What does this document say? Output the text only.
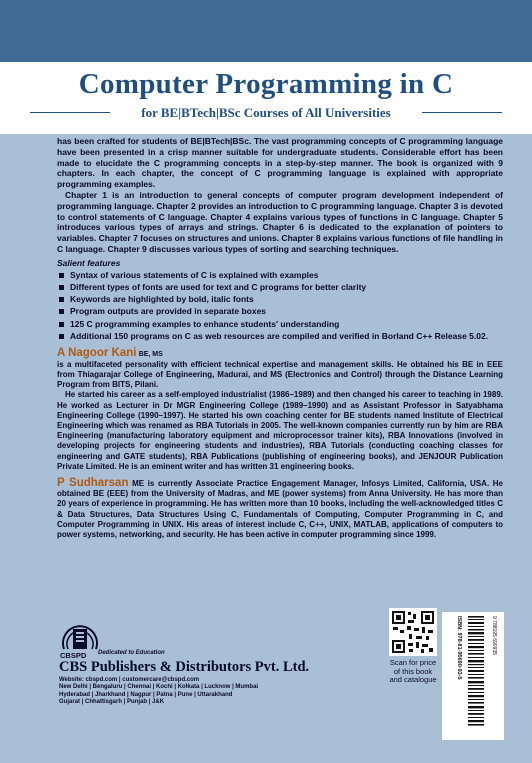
Computer Programming in C
for BE|BTech|BSc Courses of All Universities

has been crafted for students of BE|BTech|BSc. The vast programming concepts of C programming language have been presented in a crisp manner suitable for undergraduate students. Considerable effort has been made to elucidate the C programming concepts in a step-by-step manner. The book is organized with 9 chapters. In each chapter, the concept of C programming language is explained with appropriate programming examples.

Chapter 1 is an introduction to general concepts of computer program development independent of programming language. Chapter 2 provides an introduction to C programming language. Chapter 3 is devoted to control statements of C language. Chapter 4 explains various types of functions in C language. Chapter 5 introduces various types of arrays and strings. Chapter 6 is dedicated to the explanation of pointers to variables. Chapter 7 focuses on structures and unions. Chapter 8 explains various functions of file handling in C language. Chapter 9 discusses various types of sorting and searching techniques.

Salient features
Syntax of various statements of C is explained with examples
Different types of fonts are used for text and C programs for better clarity
Keywords are highlighted by bold, italic fonts
Program outputs are provided in separate boxes
125 C programming examples to enhance students' understanding
Additional 150 programs on C as web resources are compiled and verified in Borland C++ Release 5.02.

A Nagoor Kani BE, MS
is a multifaceted personality with efficient technical expertise and management skills. He obtained his BE in EEE from Thiagarajar College of Engineering, Madurai, and MS (Electronics and Control) through the Distance Learning Program from BITS, Pilani.

He started his career as a self-employed industrialist (1986–1989) and then changed his career to teaching in 1989. He worked as Lecturer in Dr MGR Engineering College (1989–1990) and as Assistant Professor in Satyabhama Engineering College (1990–1997). He started his own coaching center for BE students named Institute of Electrical Engineering which was renamed as RBA Tutorials in 2005. The well-known companies currently run by him are RBA Engineering (manufacturing laboratory equipment and microprocessor trainer kits), RBA Innovations (involved in developing projects for engineering students and industries), RBA Tutorials (conducting coaching classes for engineering and GATE students), RBA Publications (publishing of engineering books), and JENJOUR Publication Private Limited. He is an eminent writer and has written 31 engineering books.

P Sudharsan ME is currently Associate Practice Engagement Manager, Infosys Limited, California, USA. He obtained BE (EEE) from the University of Madras, and ME (power systems) from Anna University. He has more than 20 years of experience in programming. He has written more than 10 books, including the well-acknowledged titles C & Data Structures, Data Structures Using C, Fundamentals of Computing, Computer Programming in C, and Computer Programming in UNIX. His areas of interest include C, C++, UNIX, MATLAB, applications of computers to power systems, networking, and security. He has been active in computer programming since 1999.

CBSPD Dedicated to Education
CBS Publishers & Distributors Pvt. Ltd.
Website: cbspd.com | customercare@cbspd.com
New Delhi | Bengaluru | Chennai | Kochi | Kolkata | Lucknow | Mumbai
Hyderabad | Jharkhand | Nagpur | Patna | Pune | Uttarakhand
Gujarat | Chhattisgarh | Punjab | J&K
Scan for price of this book and catalogue
ISBN: 978-81-95690-93-5	9 788195 690935
